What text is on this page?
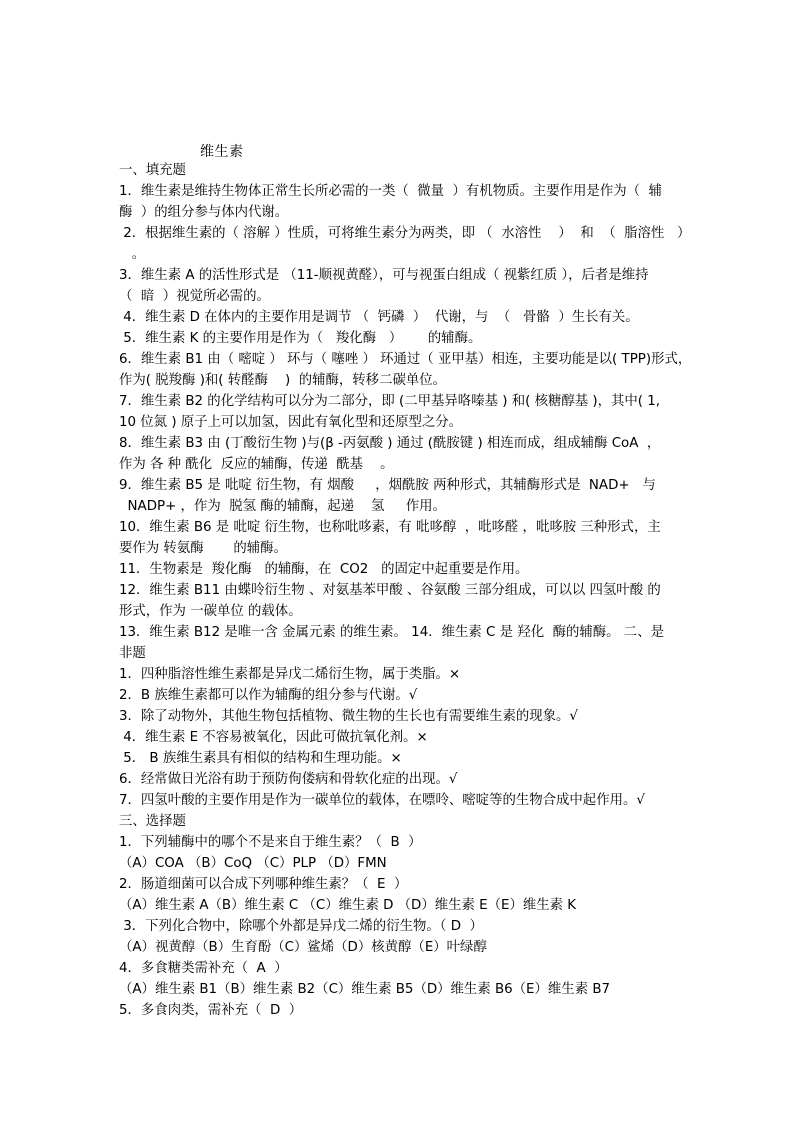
维生素
一、填充题
1．维生素是维持生物体正常生长所必需的一类（  微量  ）有机物质。主要作用是作为（  辅
酶  ）的组分参与体内代谢。
2．根据维生素的（ 溶解 ）性质，可将维生素分为两类，即 （  水溶性    ）  和  （  脂溶性   ）
。
3．维生素 A 的活性形式是 （11-顺视黄醛），可与视蛋白组成（ 视紫红质 ），后者是维持
（  暗  ）视觉所必需的。
4．维生素 D 在体内的主要作用是调节 （  钙磷  ）  代谢，与  （   骨骼  ）生长有关。
5．维生素 K 的主要作用是作为（   羧化酶   ）      的辅酶。
6．维生素 B1 由（ 嘧啶 ） 环与（ 噻唑 ） 环通过（ 亚甲基）相连，主要功能是以( TPP)形式，
作为( 脱羧酶 )和( 转醛酶    )  的辅酶，转移二碳单位。
7．维生素 B2 的化学结构可以分为二部分，即 (二甲基异咯嗪基 ) 和( 核糖醇基 )，其中( 1,
10 位氮 ) 原子上可以加氢，因此有氧化型和还原型之分。
8．维生素 B3 由 (丁酸衍生物 )与(β -丙氨酸 ) 通过 (酰胺键 ) 相连而成，组成辅酶 CoA  ，
作为 各 种 酰化  反应的辅酶，传递  酰基    。
9．维生素 B5 是 吡啶 衍生物，有 烟酸     ，烟酰胺 两种形式，其辅酶形式是  NAD+   与
NADP+ ，作为  脱氢 酶的辅酶，起递    氢     作用。
10．维生素 B6 是 吡啶 衍生物，也称吡哆素，有 吡哆醇  ，吡哆醛 ，吡哆胺 三种形式，主
要作为 转氨酶       的辅酶。
11．生物素是  羧化酶   的辅酶，在  CO2   的固定中起重要是作用。
12．维生素 B11 由蝶呤衍生物 、对氨基苯甲酸 、谷氨酸 三部分组成，可以以 四氢叶酸 的
形式，作为 一碳单位 的载体。
13．维生素 B12 是唯一含 金属元素 的维生素。 14．维生素 C 是 羟化  酶的辅酶。 二、是
非题
1．四种脂溶性维生素都是异戊二烯衍生物，属于类脂。×
2．B 族维生素都可以作为辅酶的组分参与代谢。√
3．除了动物外，其他生物包括植物、微生物的生长也有需要维生素的现象。√
4．维生素 E 不容易被氧化，因此可做抗氧化剂。×
5． B 族维生素具有相似的结构和生理功能。×
6．经常做日光浴有助于预防佝偻病和骨软化症的出现。√
7．四氢叶酸的主要作用是作为一碳单位的载体，在嘌呤、嘧啶等的生物合成中起作用。√
三、选择题
1．下列辅酶中的哪个不是来自于维生素？（  B  ）
（A）COA （B）CoQ （C）PLP （D）FMN
2．肠道细菌可以合成下列哪种维生素？（  E  ）
（A）维生素 A（B）维生素 C （C）维生素 D （D）维生素 E（E）维生素 K
3．下列化合物中，除哪个外都是异戊二烯的衍生物。（ D  ）
（A）视黄醇（B）生育酚（C）鲨烯（D）核黄醇（E）叶绿醇
4．多食糖类需补充（  A  ）
（A）维生素 B1（B）维生素 B2（C）维生素 B5（D）维生素 B6（E）维生素 B7
5．多食肉类，需补充（  D  ）
